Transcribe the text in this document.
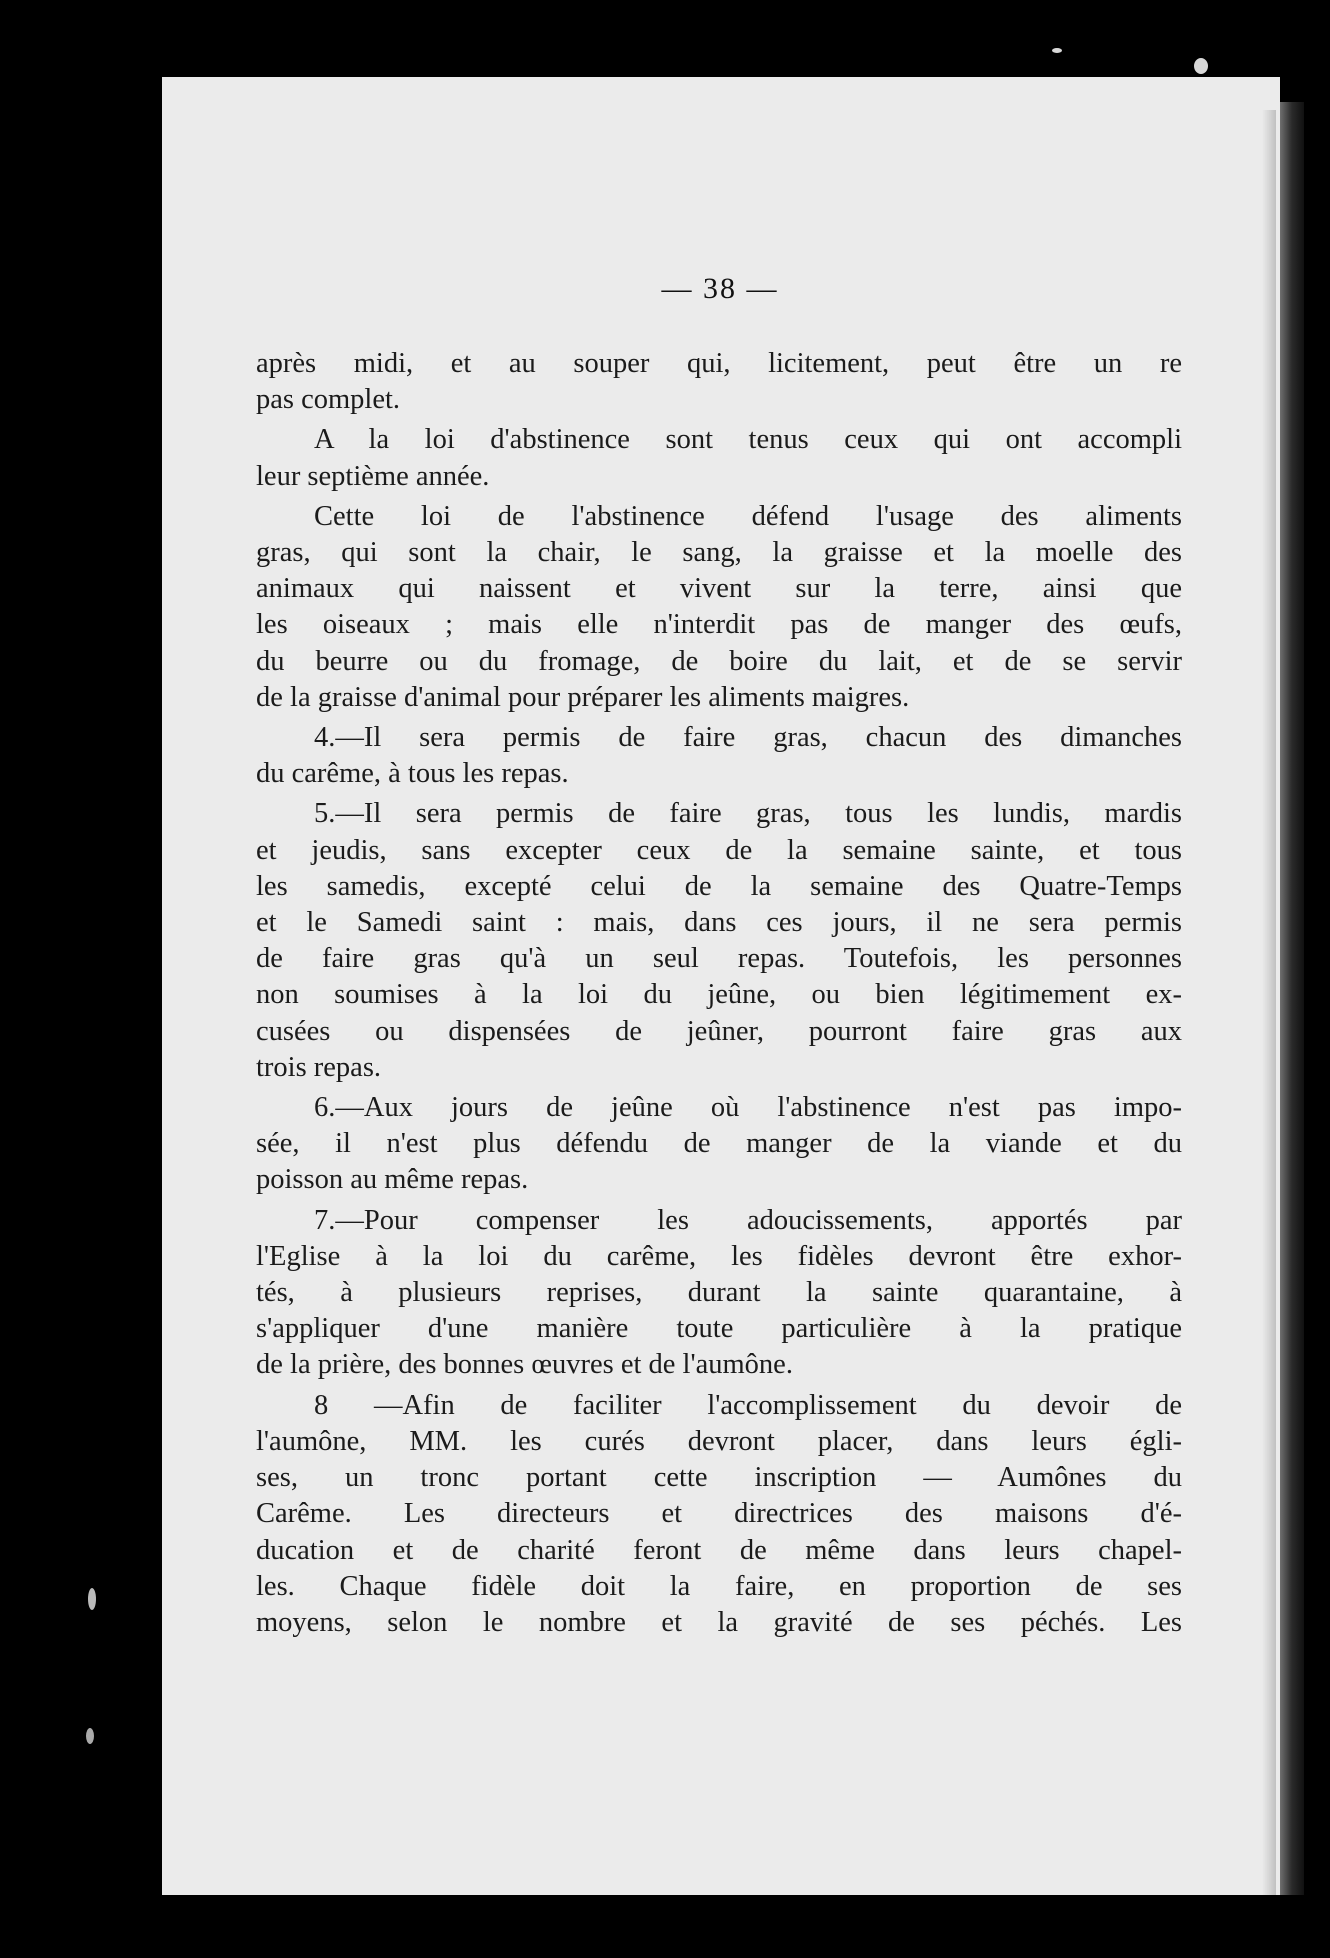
— 38 —
après midi, et au souper qui, licitement, peut être un re
pas complet.
A la loi d'abstinence sont tenus ceux qui ont accompli
leur septième année.
Cette loi de l'abstinence défend l'usage des aliments
gras, qui sont la chair, le sang, la graisse et la moelle des
animaux qui naissent et vivent sur la terre, ainsi que
les oiseaux ; mais elle n'interdit pas de manger des œufs,
du beurre ou du fromage, de boire du lait, et de se servir
de la graisse d'animal pour préparer les aliments maigres.
4.—Il sera permis de faire gras, chacun des dimanches
du carême, à tous les repas.
5.—Il sera permis de faire gras, tous les lundis, mardis
et jeudis, sans excepter ceux de la semaine sainte, et tous
les samedis, excepté celui de la semaine des Quatre-Temps
et le Samedi saint : mais, dans ces jours, il ne sera permis
de faire gras qu'à un seul repas. Toutefois, les personnes
non soumises à la loi du jeûne, ou bien légitimement ex-
cusées ou dispensées de jeûner, pourront faire gras aux
trois repas.
6.—Aux jours de jeûne où l'abstinence n'est pas impo-
sée, il n'est plus défendu de manger de la viande et du
poisson au même repas.
7.—Pour compenser les adoucissements, apportés par
l'Eglise à la loi du carême, les fidèles devront être exhor-
tés, à plusieurs reprises, durant la sainte quarantaine, à
s'appliquer d'une manière toute particulière à la pratique
de la prière, des bonnes œuvres et de l'aumône.
8 —Afin de faciliter l'accomplissement du devoir de
l'aumône, MM. les curés devront placer, dans leurs égli-
ses, un tronc portant cette inscription — Aumônes du
Carême. Les directeurs et directrices des maisons d'é-
ducation et de charité feront de même dans leurs chapel-
les. Chaque fidèle doit la faire, en proportion de ses
moyens, selon le nombre et la gravité de ses péchés. Les
